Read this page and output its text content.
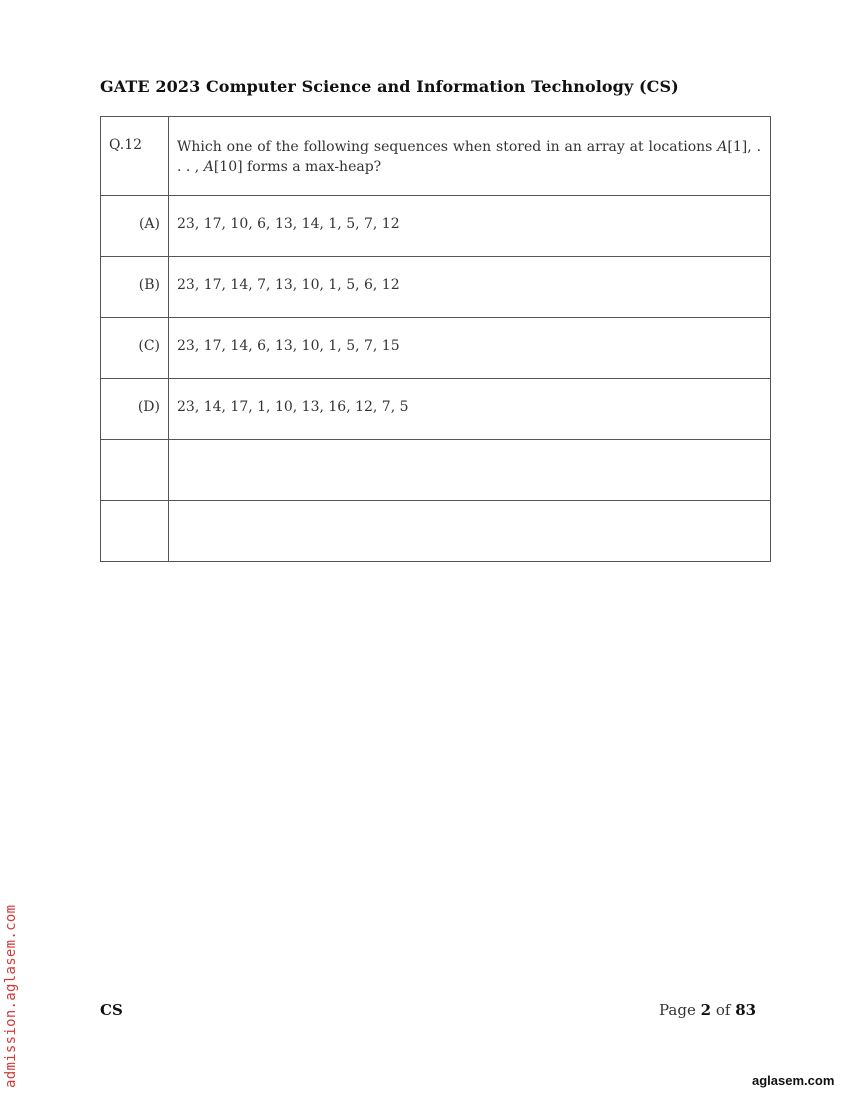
GATE 2023 Computer Science and Information Technology (CS)
Q.12	Which one of the following sequences when stored in an array at locations A[1], . . . , A[10] forms a max-heap?

(A)	23, 17, 10, 6, 13, 14, 1, 5, 7, 12

(B)	23, 17, 14, 7, 13, 10, 1, 5, 6, 12

(C)	23, 17, 14, 6, 13, 10, 1, 5, 7, 15

(D)	23, 14, 17, 1, 10, 13, 16, 12, 7, 5

CS	Page 2 of 83
admission.aglasem.com	aglasem.com
